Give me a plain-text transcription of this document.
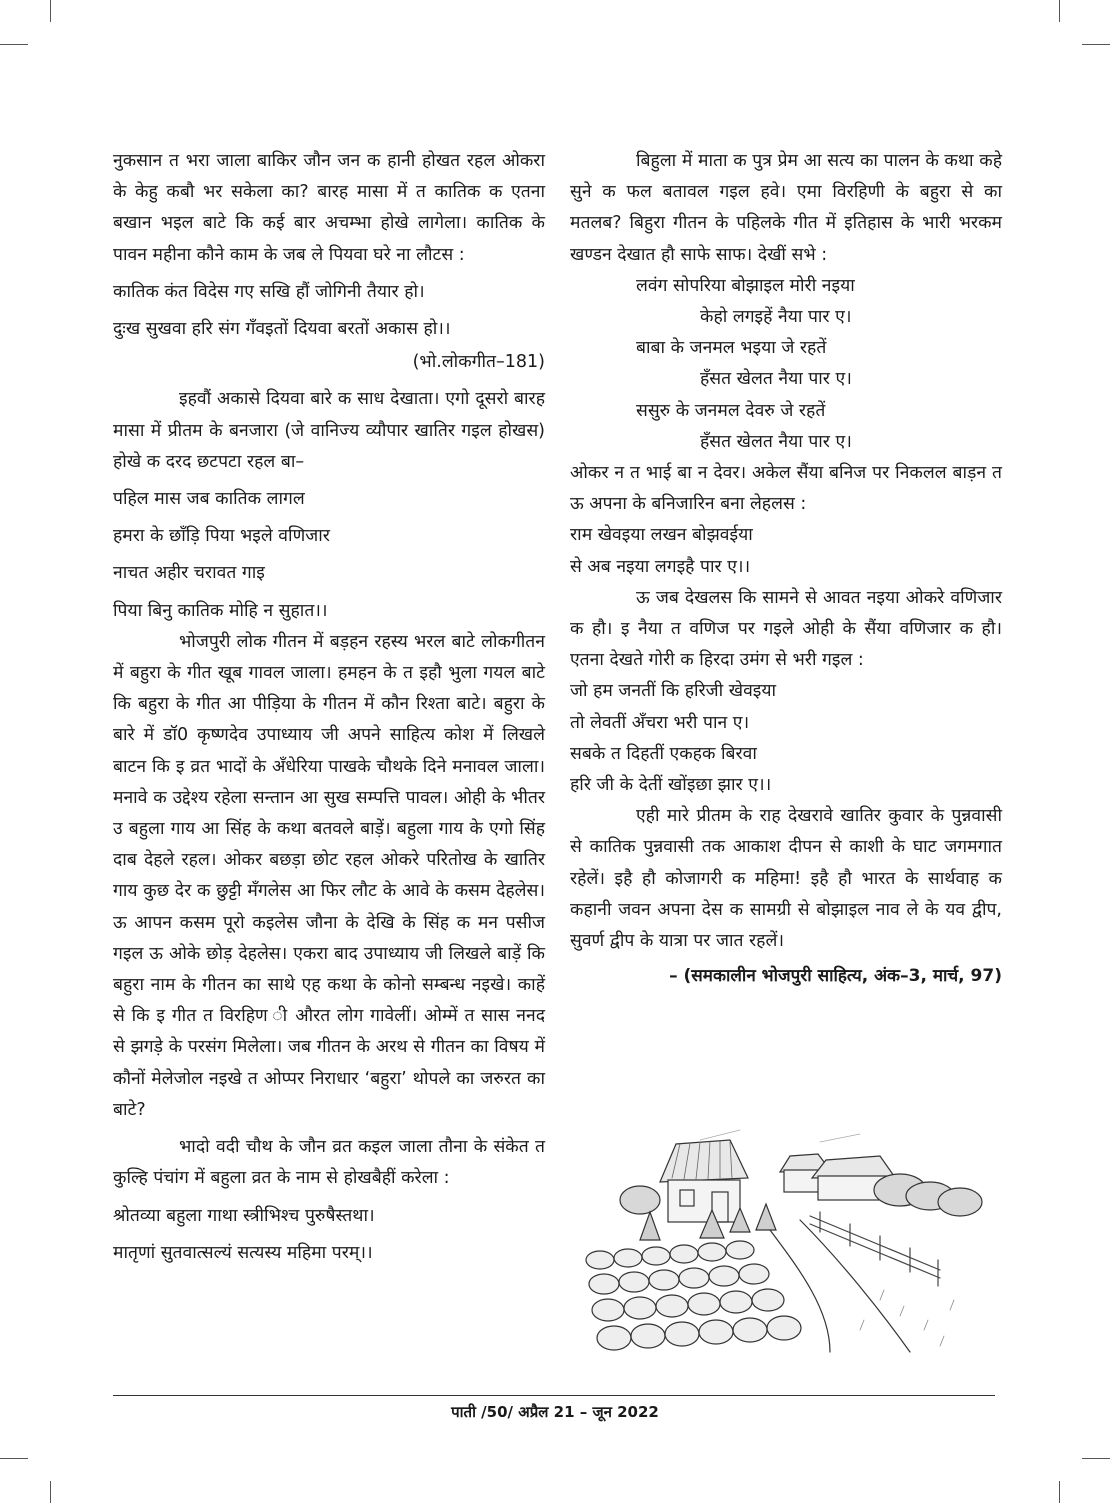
नुकसान त भरा जाला बाकिर जौन जन क हानी होखत रहल ओकरा के केहु कबौ भर सकेला का? बारह मासा में त कातिक क एतना बखान भइल बाटे कि कई बार अचम्भा होखे लागेला। कातिक के पावन महीना कौने काम के जब ले पियवा घरे ना लौटस :

कातिक कंत विदेस गए सखि हौं जोगिनी तैयार हो।

दुःख सुखवा हरि संग गँवइतों दियवा बरतों अकास हो।।

(भो.लोकगीत–181)

इहवौं अकासे दियवा बारे क साध देखाता। एगो दूसरो बारह मासा में प्रीतम के बनजारा (जे वानिज्य व्यौपार खातिर गइल होखस) होखे क दरद छटपटा रहल बा–

पहिल मास जब कातिक लागल

हमरा के छाँड़ि पिया भइले वणिजार

नाचत अहीर चरावत गाइ

पिया बिनु कातिक मोहि न सुहात।।

भोजपुरी लोक गीतन में बड़हन रहस्य भरल बाटे लोकगीतन में बहुरा के गीत खूब गावल जाला। हमहन के त इहौ भुला गयल बाटे कि बहुरा के गीत आ पीड़िया के गीतन में कौन रिश्ता बाटे। बहुरा के बारे में डॉ0 कृष्णदेव उपाध्याय जी अपने साहित्य कोश में लिखले बाटन कि इ व्रत भादों के अँधेरिया पाखके चौथके दिने मनावल जाला। मनावे क उद्देश्य रहेला सन्तान आ सुख सम्पत्ति पावल। ओही के भीतर उ बहुला गाय आ सिंह के कथा बतवले बाड़ें। बहुला गाय के एगो सिंह दाब देहले रहल। ओकर बछड़ा छोट रहल ओकरे परितोख के खातिर गाय कुछ देर क छुट्टी मँगलेस आ फिर लौट के आवे के कसम देहलेस। ऊ आपन कसम पूरो कइलेस जौना के देखि के सिंह क मन पसीज गइल ऊ ओके छोड़ देहलेस। एकरा बाद उपाध्याय जी लिखले बाड़ें कि बहुरा नाम के गीतन का साथे एह कथा के कोनो सम्बन्ध नइखे। काहें से कि इ गीत त विरहिण ी औरत लोग गावेलीं। ओम्में त सास ननद से झगड़े के परसंग मिलेला। जब गीतन के अरथ से गीतन का विषय में कौनों मेलेजोल नइखे त ओप्पर निराधार ‘बहुरा’ थोपले का जरुरत का बाटे?

भादो वदी चौथ के जौन व्रत कइल जाला तौना के संकेत त कुल्हि पंचांग में बहुला व्रत के नाम से होखबैहीं करेला :

श्रोतव्या बहुला गाथा स्त्रीभिश्च पुरुषैस्तथा।

मातृणां सुतवात्सल्यं सत्यस्य महिमा परम्।।

बिहुला में माता क पुत्र प्रेम आ सत्य का पालन के कथा कहे सुने क फल बतावल गइल हवे। एमा विरहिणी के बहुरा से का मतलब? बिहुरा गीतन के पहिलके गीत में इतिहास के भारी भरकम खण्डन देखात हौ साफे साफ। देखीं सभे :

लवंग सोपरिया बोझाइल मोरी नइया

केहो लगइहें नैया पार ए।

बाबा के जनमल भइया जे रहतें

हँसत खेलत नैया पार ए।

ससुरु के जनमल देवरु जे रहतें

हँसत खेलत नैया पार ए।

ओकर न त भाई बा न देवर। अकेल सैंया बनिज पर निकलल बाड़न त ऊ अपना के बनिजारिन बना लेहलस :

राम खेवइया लखन बोझवईया

से अब नइया लगइहै पार ए।।

ऊ जब देखलस कि सामने से आवत नइया ओकरे वणिजार क हौ। इ नैया त वणिज पर गइले ओही के सैंया वणिजार क हौ। एतना देखते गोरी क हिरदा उमंग से भरी गइल :

जो हम जनतीं कि हरिजी खेवइया

तो लेवतीं अँचरा भरी पान ए।

सबके त दिहतीं एकहक बिरवा

हरि जी के देतीं खोंइछा झार ए।।

एही मारे प्रीतम के राह देखरावे खातिर कुवार के पुन्नवासी से कातिक पुन्नवासी तक आकाश दीपन से काशी के घाट जगमगात रहेलें। इहै हौ कोजागरी क महिमा! इहै हौ भारत के सार्थवाह क कहानी जवन अपना देस क सामग्री से बोझाइल नाव ले के यव द्वीप, सुवर्ण द्वीप के यात्रा पर जात रहलें।

– (समकालीन भोजपुरी साहित्य, अंक–3, मार्च, 97)

पाती /50/ अप्रैल 21 – जून 2022
